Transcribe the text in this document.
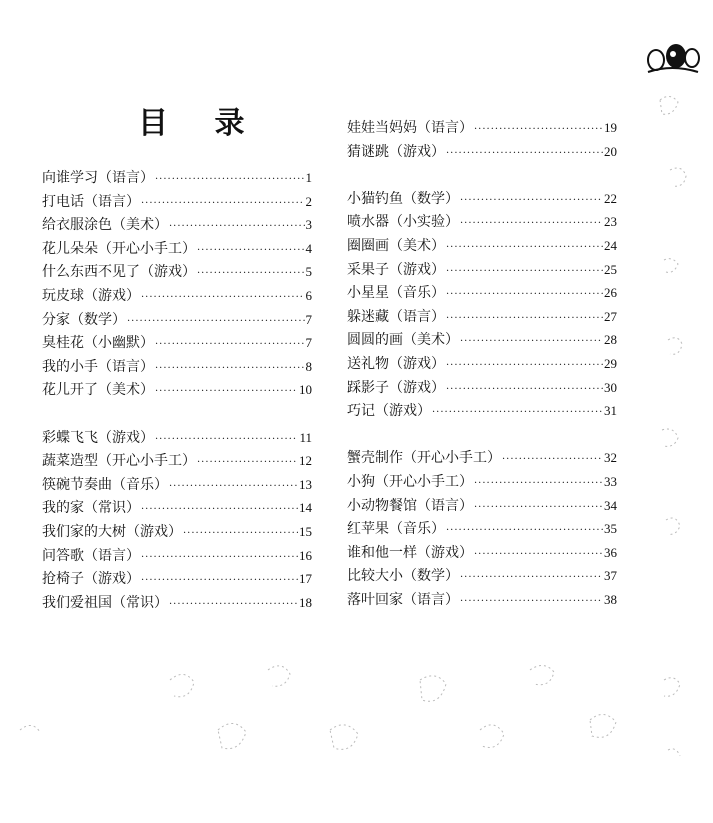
目 录
向谁学习（语言） ·····	1
打电话（语言） ·····	2
给衣服涂色（美术） ·····	3
花儿朵朵（开心小手工） ·····	4
什么东西不见了（游戏） ·····	5
玩皮球（游戏） ·····	6
分家（数学） ·····	7
臭桂花（小幽默） ·····	7
我的小手（语言） ·····	8
花儿开了（美术） ·····	10
彩蝶飞飞（游戏） ·····	11
蔬菜造型（开心小手工） ·····	12
筷碗节奏曲（音乐） ·····	13
我的家（常识） ·····	14
我们家的大树（游戏） ·····	15
问答歌（语言） ·····	16
抢椅子（游戏） ·····	17
我们爱祖国（常识） ·····	18
娃娃当妈妈（语言） ·····	19
猜谜跳（游戏） ·····	20
小猫钓鱼（数学） ·····	22
喷水器（小实验） ·····	23
圈圈画（美术） ·····	24
采果子（游戏） ·····	25
小星星（音乐） ·····	26
躲迷藏（语言） ·····	27
圆圆的画（美术） ·····	28
送礼物（游戏） ·····	29
踩影子（游戏） ·····	30
巧记（游戏） ·····	31
蟹壳制作（开心小手工） ·····	32
小狗（开心小手工） ·····	33
小动物餐馆（语言） ·····	34
红苹果（音乐） ·····	35
谁和他一样（游戏） ·····	36
比较大小（数学） ·····	37
落叶回家（语言） ·····	38
